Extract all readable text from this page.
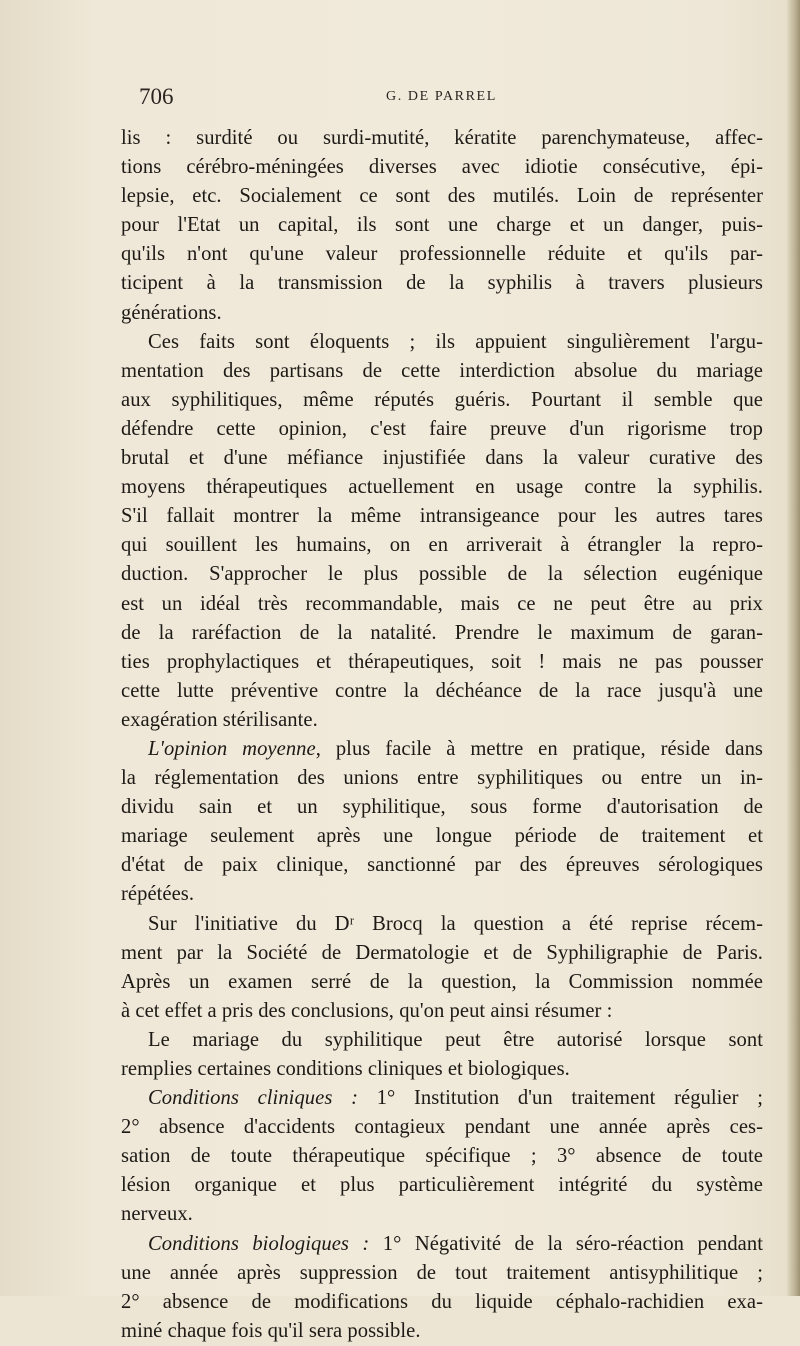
706	G. DE PARREL
lis : surdité ou surdi-mutité, kératite parenchymateuse, affec-
tions cérébro-méningées diverses avec idiotie consécutive, épi-
lepsie, etc. Socialement ce sont des mutilés. Loin de représenter
pour l'Etat un capital, ils sont une charge et un danger, puis-
qu'ils n'ont qu'une valeur professionnelle réduite et qu'ils par-
ticipent à la transmission de la syphilis à travers plusieurs
générations.
Ces faits sont éloquents ; ils appuient singulièrement l'argu-
mentation des partisans de cette interdiction absolue du mariage
aux syphilitiques, même réputés guéris. Pourtant il semble que
défendre cette opinion, c'est faire preuve d'un rigorisme trop
brutal et d'une méfiance injustifiée dans la valeur curative des
moyens thérapeutiques actuellement en usage contre la syphilis.
S'il fallait montrer la même intransigeance pour les autres tares
qui souillent les humains, on en arriverait à étrangler la repro-
duction. S'approcher le plus possible de la sélection eugénique
est un idéal très recommandable, mais ce ne peut être au prix
de la raréfaction de la natalité. Prendre le maximum de garan-
ties prophylactiques et thérapeutiques, soit ! mais ne pas pousser
cette lutte préventive contre la déchéance de la race jusqu'à une
exagération stérilisante.
L'opinion moyenne, plus facile à mettre en pratique, réside dans
la réglementation des unions entre syphilitiques ou entre un in-
dividu sain et un syphilitique, sous forme d'autorisation de
mariage seulement après une longue période de traitement et
d'état de paix clinique, sanctionné par des épreuves sérologiques
répétées.
Sur l'initiative du Dʳ Brocq la question a été reprise récem-
ment par la Société de Dermatologie et de Syphiligraphie de Paris.
Après un examen serré de la question, la Commission nommée
à cet effet a pris des conclusions, qu'on peut ainsi résumer :
Le mariage du syphilitique peut être autorisé lorsque sont
remplies certaines conditions cliniques et biologiques.
Conditions cliniques : 1° Institution d'un traitement régulier ;
2° absence d'accidents contagieux pendant une année après ces-
sation de toute thérapeutique spécifique ; 3° absence de toute
lésion organique et plus particulièrement intégrité du système
nerveux.
Conditions biologiques : 1° Négativité de la séro-réaction pendant
une année après suppression de tout traitement antisyphilitique ;
2° absence de modifications du liquide céphalo-rachidien exa-
miné chaque fois qu'il sera possible.
